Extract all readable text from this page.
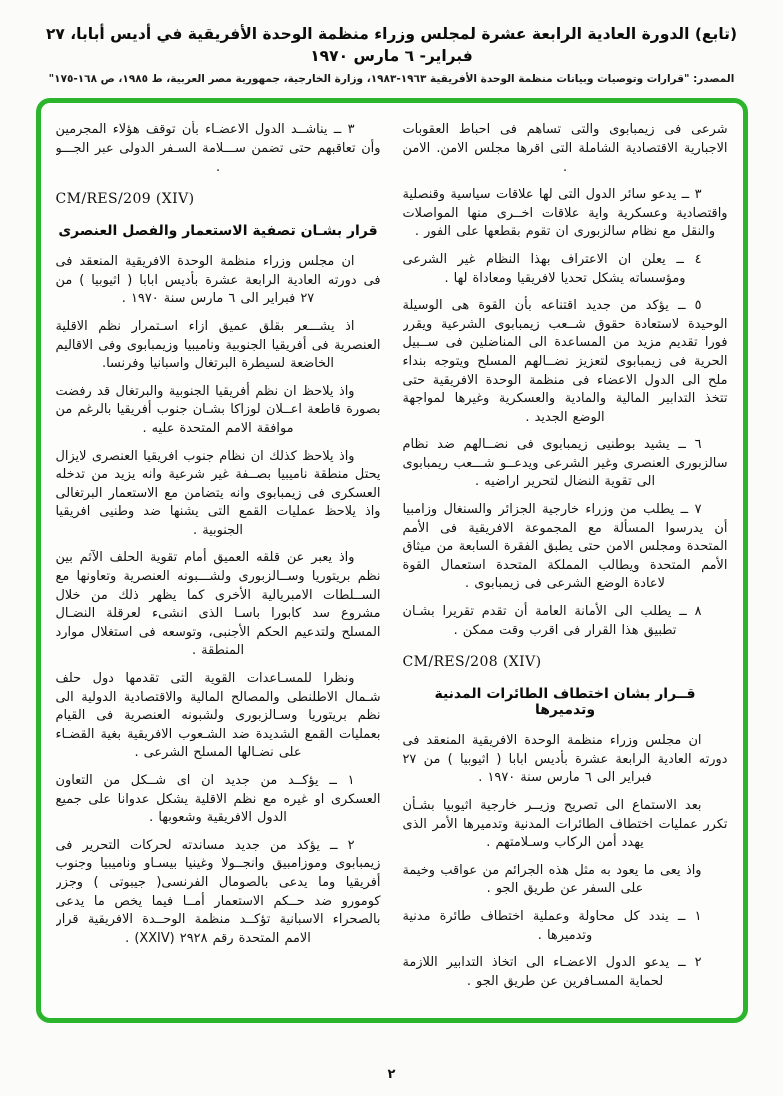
(تابع) الدورة العادية الرابعة عشرة لمجلس وزراء منظمة الوحدة الأفريقية في أديس أبابا، ٢٧ فبراير- ٦ مارس ١٩٧٠
المصدر: "قرارات وتوصيات وبيانات منظمة الوحدة الأفريقية ١٩٦٣-١٩٨٣، وزارة الخارجية، جمهورية مصر العربية، ط ١٩٨٥، ص ١٦٨-١٧٥"

شرعى فى زيمبابوى والتى تساهم فى احباط العقوبات الاجبارية الاقتصادية الشاملة التى اقرها مجلس الامن. الامن .

٣ ــ يدعو سائر الدول التى لها علاقات سياسية وقنصلية واقتصادية وعسكرية واية علاقات اخــرى منها المواصلات والنقل مع نظام سالزبورى ان تقوم بقطعها على الفور .

٤ ــ يعلن ان الاعتراف بهذا النظام غير الشرعى ومؤسساته يشكل تحديا لافريقيا ومعاداة لها .

٥ ــ يؤكد من جديد اقتناعه بأن القوة هى الوسيلة الوحيدة لاستعادة حقوق شــعب زيمبابوى الشرعية ويقرر فورا تقديم مزيد من المساعدة الى المناضلين فى ســبيل الحرية فى زيمبابوى لتعزيز نضــالهم المسلح ويتوجه بنداء ملح الى الدول الاعضاء فى منظمة الوحدة الافريقية حتى تتخذ التدابير المالية والمادية والعسكرية وغيرها لمواجهة الوضع الجديد .

٦ ــ يشيد بوطنيى زيمبابوى فى نضــالهم ضد نظام سالزبورى العنصرى وغير الشرعى ويدعــو شـــعب ريمبابوى الى تقوية النضال لتحرير اراضيه .

٧ ــ يطلب من وزراء خارجية الجزائر والسنغال وزامبيا أن يدرسوا المسألة مع المجموعة الافريقية فى الأمم المتحدة ومجلس الامن حتى يطبق الفقرة السابعة من ميثاق الأمم المتحدة ويطالب المملكة المتحدة استعمال القوة لاعادة الوضع الشرعى فى زيمبابوى .

٨ ــ يطلب الى الأمانة العامة أن تقدم تقريرا بشـان تطبيق هذا القرار فى اقرب وقت ممكن .

CM/RES/208 (XIV)

قــرار بشان اختطاف الطائرات المدنية وتدميرها

ان مجلس وزراء منظمة الوحدة الافريقية المنعقد فى دورته العادية الرابعة عشرة بأديس ابابا ( اثيوبيا ) من ٢٧ فبراير الى ٦ مارس سنة ١٩٧٠ .

بعد الاستماع الى تصريح وزيــر خارجية اثيوبيا بشـأن تكرر عمليات اختطاف الطائرات المدنية وتدميرها الأمر الذى يهدد أمن الركاب وسـلامتهم .

واذ يعى ما يعود به مثل هذه الجرائم من عواقب وخيمة على السفر عن طريق الجو .

١ ــ يندد كل محاولة وعملية اختطاف طائرة مدنية وتدميرها .

٢ ــ يدعو الدول الاعضـاء الى اتخاذ التدابير اللازمة لحماية المسـافرين عن طريق الجو .

٣ ــ يناشــد الدول الاعضـاء بأن توقف هؤلاء المجرمين وأن تعاقبهم حتى تضمن ســـلامة السـفر الدولى عبر الجـــو .

CM/RES/209 (XIV)

قرار بشـان تصفية الاستعمار والفصل العنصرى

ان مجلس وزراء منظمة الوحدة الافريقية المنعقد فى فى دورته العادية الرابعة عشرة بأديس ابابا ( اثيوبيا ) من ٢٧ فبراير الى ٦ مارس سنة ١٩٧٠ .

اذ يشـــعر بقلق عميق ازاء اسـتمرار نظم الاقلية العنصرية فى أفريقيا الجنوبية وناميبيا وزيمبابوى وفى الاقاليم الخاضعة لسيطرة البرتغال واسبانيا وفرنسا.

واذ يلاحظ ان نظم أفريقيا الجنوبية والبرتغال قد رفضت بصورة قاطعة اعــلان لوزاكا بشـان جنوب أفريقيا بالرغم من موافقة الامم المتحدة عليه .

واذ يلاحظ كذلك ان نظام جنوب افريقيا العنصرى لايزال يحتل منطقة ناميبيا بصــفة غير شرعية وانه يزيد من تدخله العسكرى فى زيمبابوى وانه يتضامن مع الاستعمار البرتغالى واذ يلاحظ عمليات القمع التى يشنها ضد وطنيى افريقيا الجنوبية .

واذ يعبر عن قلقه العميق أمام تقوية الحلف الآثم بين نظم بريتوريا وســالزبورى ولشـــبونه العنصرية وتعاونها مع الســلطات الامبريالية الأخرى كما يظهر ذلك من خلال مشروع سد كابورا باسـا الذى انشىء لعرقلة النضـال المسلح ولتدعيم الحكم الأجنبى، وتوسعه فى استغلال موارد المنطقة .

ونظرا للمسـاعدات القوية التى تقدمها دول حلف شـمال الاطلنطى والمصالح المالية والاقتصادية الدولية الى نظم بريتوريا وسـالزبورى ولشبونه العنصرية فى القيام بعمليات القمع الشديدة ضد الشـعوب الافريقية بغية القضـاء على نضـالها المسلح الشرعى .

١ ــ يؤكــد من جديد ان اى شــكل من التعاون العسكرى او غيره مع نظم الاقلية يشكل عدوانا على جميع الدول الافريقية وشعوبها .

٢ ــ يؤكد من جديد مساندته لحركات التحرير فى زيمبابوى وموزامبيق وانجــولا وغينيا بيسـاو وناميبيا وجنوب أفريقيا وما يدعى بالصومال الفرنسى( جيبوتى ) وجزر كومورو ضد حــكم الاستعمار أمــا فيما يخص ما يدعى بالصحراء الاسبانية تؤكــد منظمة الوحــدة الافريقية قرار الامم المتحدة رقم ٢٩٢٨ (XXIV) .

٢
